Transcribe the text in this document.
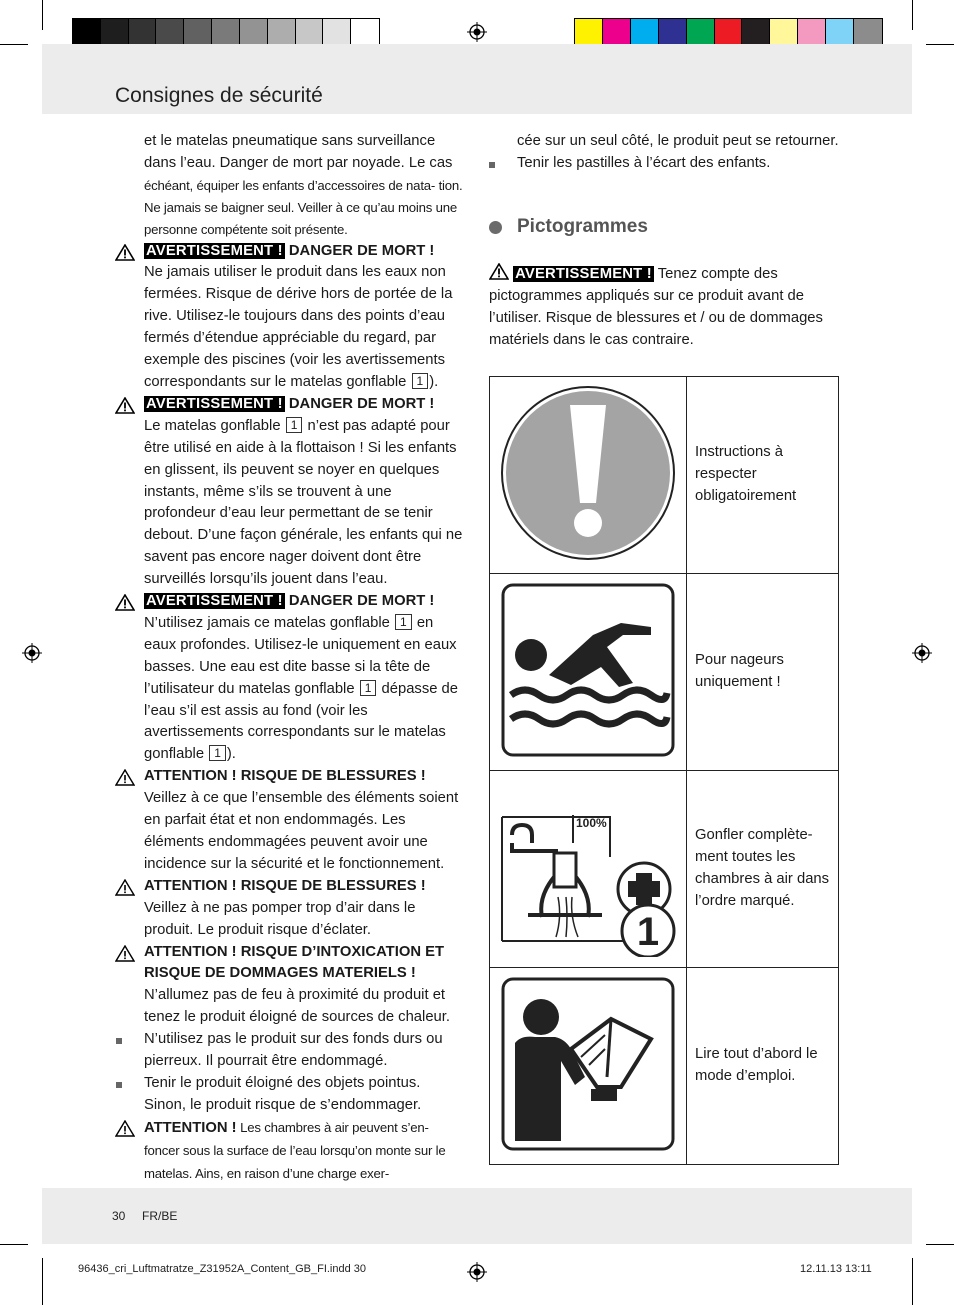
Consignes de sécurité

et le matelas pneumatique sans surveillance dans l’eau. Danger de mort par noyade. Le cas

échéant, équiper les enfants d’accessoires de nata- tion. Ne jamais se baigner seul. Veiller à ce qu’au moins une personne compétente soit présente.

AVERTISSEMENT ! DANGER DE MORT !
Ne jamais utiliser le produit dans les eaux non fermées. Risque de dérive hors de portée de la rive. Utilisez-le toujours dans des points d’eau fermés d’étendue appréciable du regard, par exemple des piscines (voir les avertissements correspondants sur le matelas gonflable 1 ).

AVERTISSEMENT ! DANGER DE MORT !
Le matelas gonflable 1 n’est pas adapté pour être utilisé en aide à la flottaison ! Si les enfants en glissent, ils peuvent se noyer en quelques instants, même s’ils se trouvent à une profondeur d’eau leur permettant de se tenir debout. D’une façon générale, les enfants qui ne savent pas encore nager doivent dont être surveillés lorsqu’ils jouent dans l’eau.

AVERTISSEMENT ! DANGER DE MORT !
N’utilisez jamais ce matelas gonflable 1 en eaux profondes. Utilisez-le uniquement en eaux basses. Une eau est dite basse si la tête de l’utilisateur du matelas gonflable 1 dépasse de l’eau s’il est assis au fond (voir les avertissements correspondants sur le matelas gonflable 1 ).

ATTENTION ! RISQUE DE BLESSURES !
Veillez à ce que l’ensemble des éléments soient en parfait état et non endommagés. Les éléments endommagées peuvent avoir une incidence sur la sécurité et le fonctionnement.

ATTENTION ! RISQUE DE BLESSURES !
Veillez à ne pas pomper trop d’air dans le produit. Le produit risque d’éclater.

ATTENTION ! RISQUE D’INTOXICATION ET RISQUE DE DOMMAGES MATERIELS !
N’allumez pas de feu à proximité du produit et tenez le produit éloigné de sources de chaleur.

N’utilisez pas le produit sur des fonds durs ou pierreux. Il pourrait être endommagé.

Tenir le produit éloigné des objets pointus. Sinon, le produit risque de s’endommager.

ATTENTION ! Les chambres à air peuvent s’en- foncer sous la surface de l’eau lorsqu’on monte sur le matelas. Ains, en raison d’une charge exer-

cée sur un seul côté, le produit peut se retourner.

Tenir les pastilles à l’écart des enfants.

Pictogrammes

AVERTISSEMENT ! Tenez compte des pictogrammes appliqués sur ce produit avant de l’utiliser. Risque de blessures et / ou de dommages matériels dans le cas contraire.

	Instructions à respecter obligatoirement
	Pour nageurs uniquement !

100%
1	Gonfler complète- ment toutes les chambres à air dans l’ordre marqué.
	Lire tout d’abord le mode d’emploi.
30 FR/BE
96436_cri_Luftmatratze_Z31952A_Content_GB_FI.indd 30	12.11.13 13:11
